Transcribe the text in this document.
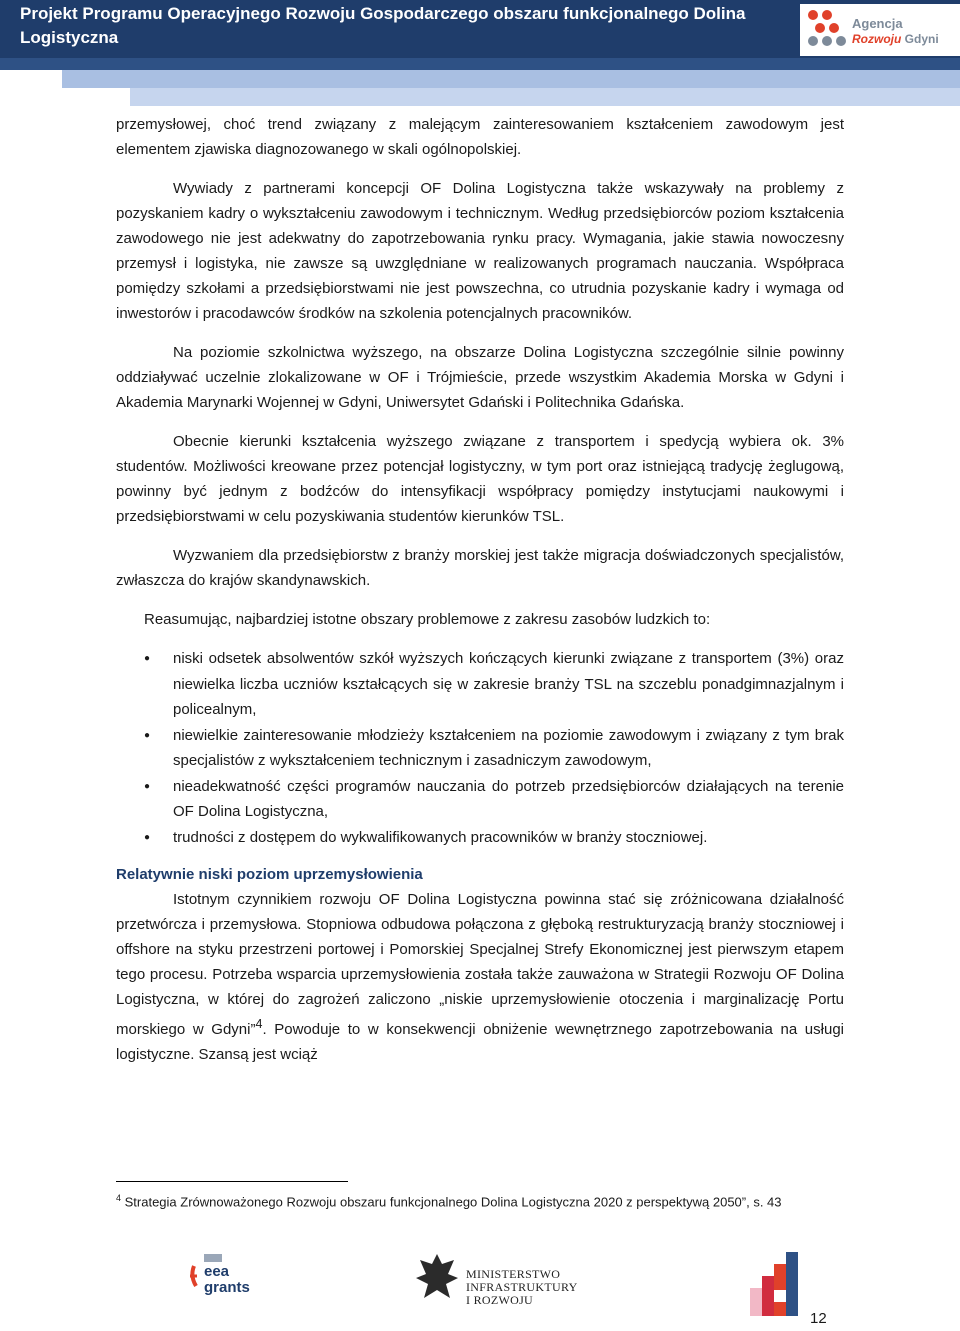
Projekt Programu Operacyjnego Rozwoju Gospodarczego obszaru funkcjonalnego Dolina Logistyczna
Agencja
Rozwoju Gdyni

przemysłowej, choć trend związany z malejącym zainteresowaniem kształceniem zawodowym jest elementem zjawiska diagnozowanego w skali ogólnopolskiej.

Wywiady z partnerami koncepcji OF Dolina Logistyczna także wskazywały na problemy z pozyskaniem kadry o wykształceniu zawodowym i technicznym. Według przedsiębiorców poziom kształcenia zawodowego nie jest adekwatny do zapotrzebowania rynku pracy. Wymagania, jakie stawia nowoczesny przemysł i logistyka, nie zawsze są uwzględniane w realizowanych programach nauczania. Współpraca pomiędzy szkołami a przedsiębiorstwami nie jest powszechna, co utrudnia pozyskanie kadry i wymaga od inwestorów i pracodawców środków na szkolenia potencjalnych pracowników.

Na poziomie szkolnictwa wyższego, na obszarze Dolina Logistyczna szczególnie silnie powinny oddziaływać uczelnie zlokalizowane w OF i Trójmieście, przede wszystkim Akademia Morska w Gdyni i Akademia Marynarki Wojennej w Gdyni, Uniwersytet Gdański i Politechnika Gdańska.

Obecnie kierunki kształcenia wyższego związane z transportem i spedycją wybiera ok. 3% studentów. Możliwości kreowane przez potencjał logistyczny, w tym port oraz istniejącą tradycję żeglugową, powinny być jednym z bodźców do intensyfikacji współpracy pomiędzy instytucjami naukowymi i przedsiębiorstwami w celu pozyskiwania studentów kierunków TSL.

Wyzwaniem dla przedsiębiorstw z branży morskiej jest także migracja doświadczonych specjalistów, zwłaszcza do krajów skandynawskich.

Reasumując, najbardziej istotne obszary problemowe z zakresu zasobów ludzkich to:

● niski odsetek absolwentów szkół wyższych kończących kierunki związane z transportem (3%) oraz niewielka liczba uczniów kształcących się w zakresie branży TSL na szczeblu ponadgimnazjalnym i policealnym,
● niewielkie zainteresowanie młodzieży kształceniem na poziomie zawodowym i związany z tym brak specjalistów z wykształceniem technicznym i zasadniczym zawodowym,
● nieadekwatność części programów nauczania do potrzeb przedsiębiorców działających na terenie OF Dolina Logistyczna,
● trudności z dostępem do wykwalifikowanych pracowników w branży stoczniowej.

Relatywnie niski poziom uprzemysłowienia

Istotnym czynnikiem rozwoju OF Dolina Logistyczna powinna stać się zróżnicowana działalność przetwórcza i przemysłowa. Stopniowa odbudowa połączona z głęboką restrukturyzacją branży stoczniowej i offshore na styku przestrzeni portowej i Pomorskiej Specjalnej Strefy Ekonomicznej jest pierwszym etapem tego procesu. Potrzeba wsparcia uprzemysłowienia została także zauważona w Strategii Rozwoju OF Dolina Logistyczna, w której do zagrożeń zaliczono „niskie uprzemysłowienie otoczenia i marginalizację Portu morskiego w Gdyni”$^4$. Powoduje to w konsekwencji obniżenie wewnętrznego zapotrzebowania na usługi logistyczne. Szansą jest wciąż

$^4$ Strategia Zrównoważonego Rozwoju obszaru funkcjonalnego Dolina Logistyczna 2020 z perspektywą 2050”, s. 43
eea
grants
MINISTERSTWO
INFRASTRUKTURY
I ROZWOJU
12
